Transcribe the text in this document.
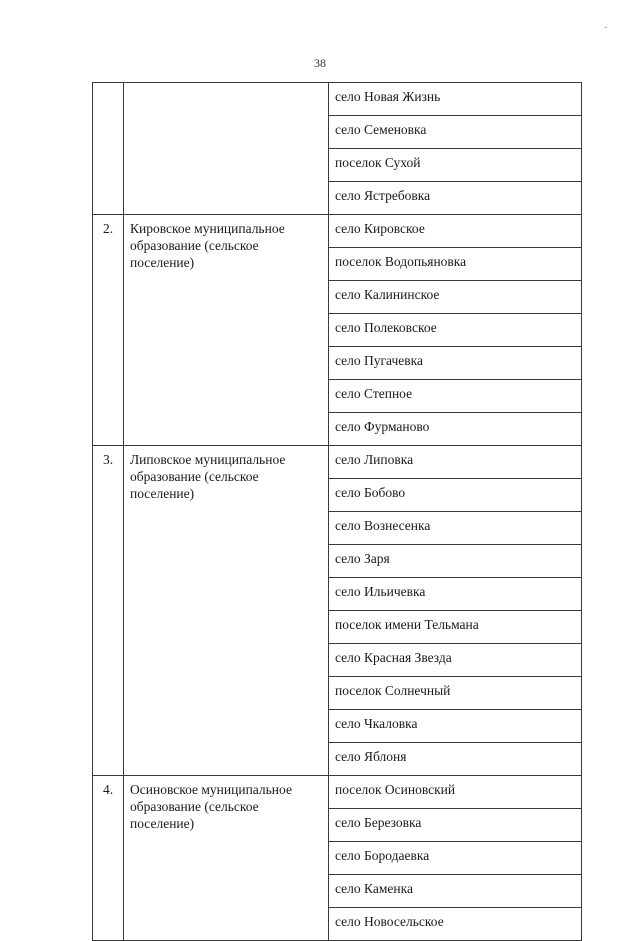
38
-
		село Новая Жизнь
		село Семеновка
		поселок Сухой
		село Ястребовка
2.	Кировское муниципальное образование (сельское поселение)	село Кировское
		поселок Водопьяновка
		село Калининское
		село Полековское
		село Пугачевка
		село Степное
		село Фурманово
3.	Липовское муниципальное образование (сельское поселение)	село Липовка
		село Бобово
		село Вознесенка
		село Заря
		село Ильичевка
		поселок имени Тельмана
		село Красная Звезда
		поселок Солнечный
		село Чкаловка
		село Яблоня
4.	Осиновское муниципальное образование (сельское поселение)	поселок Осиновский
		село Березовка
		село Бородаевка
		село Каменка
		село Новосельское
